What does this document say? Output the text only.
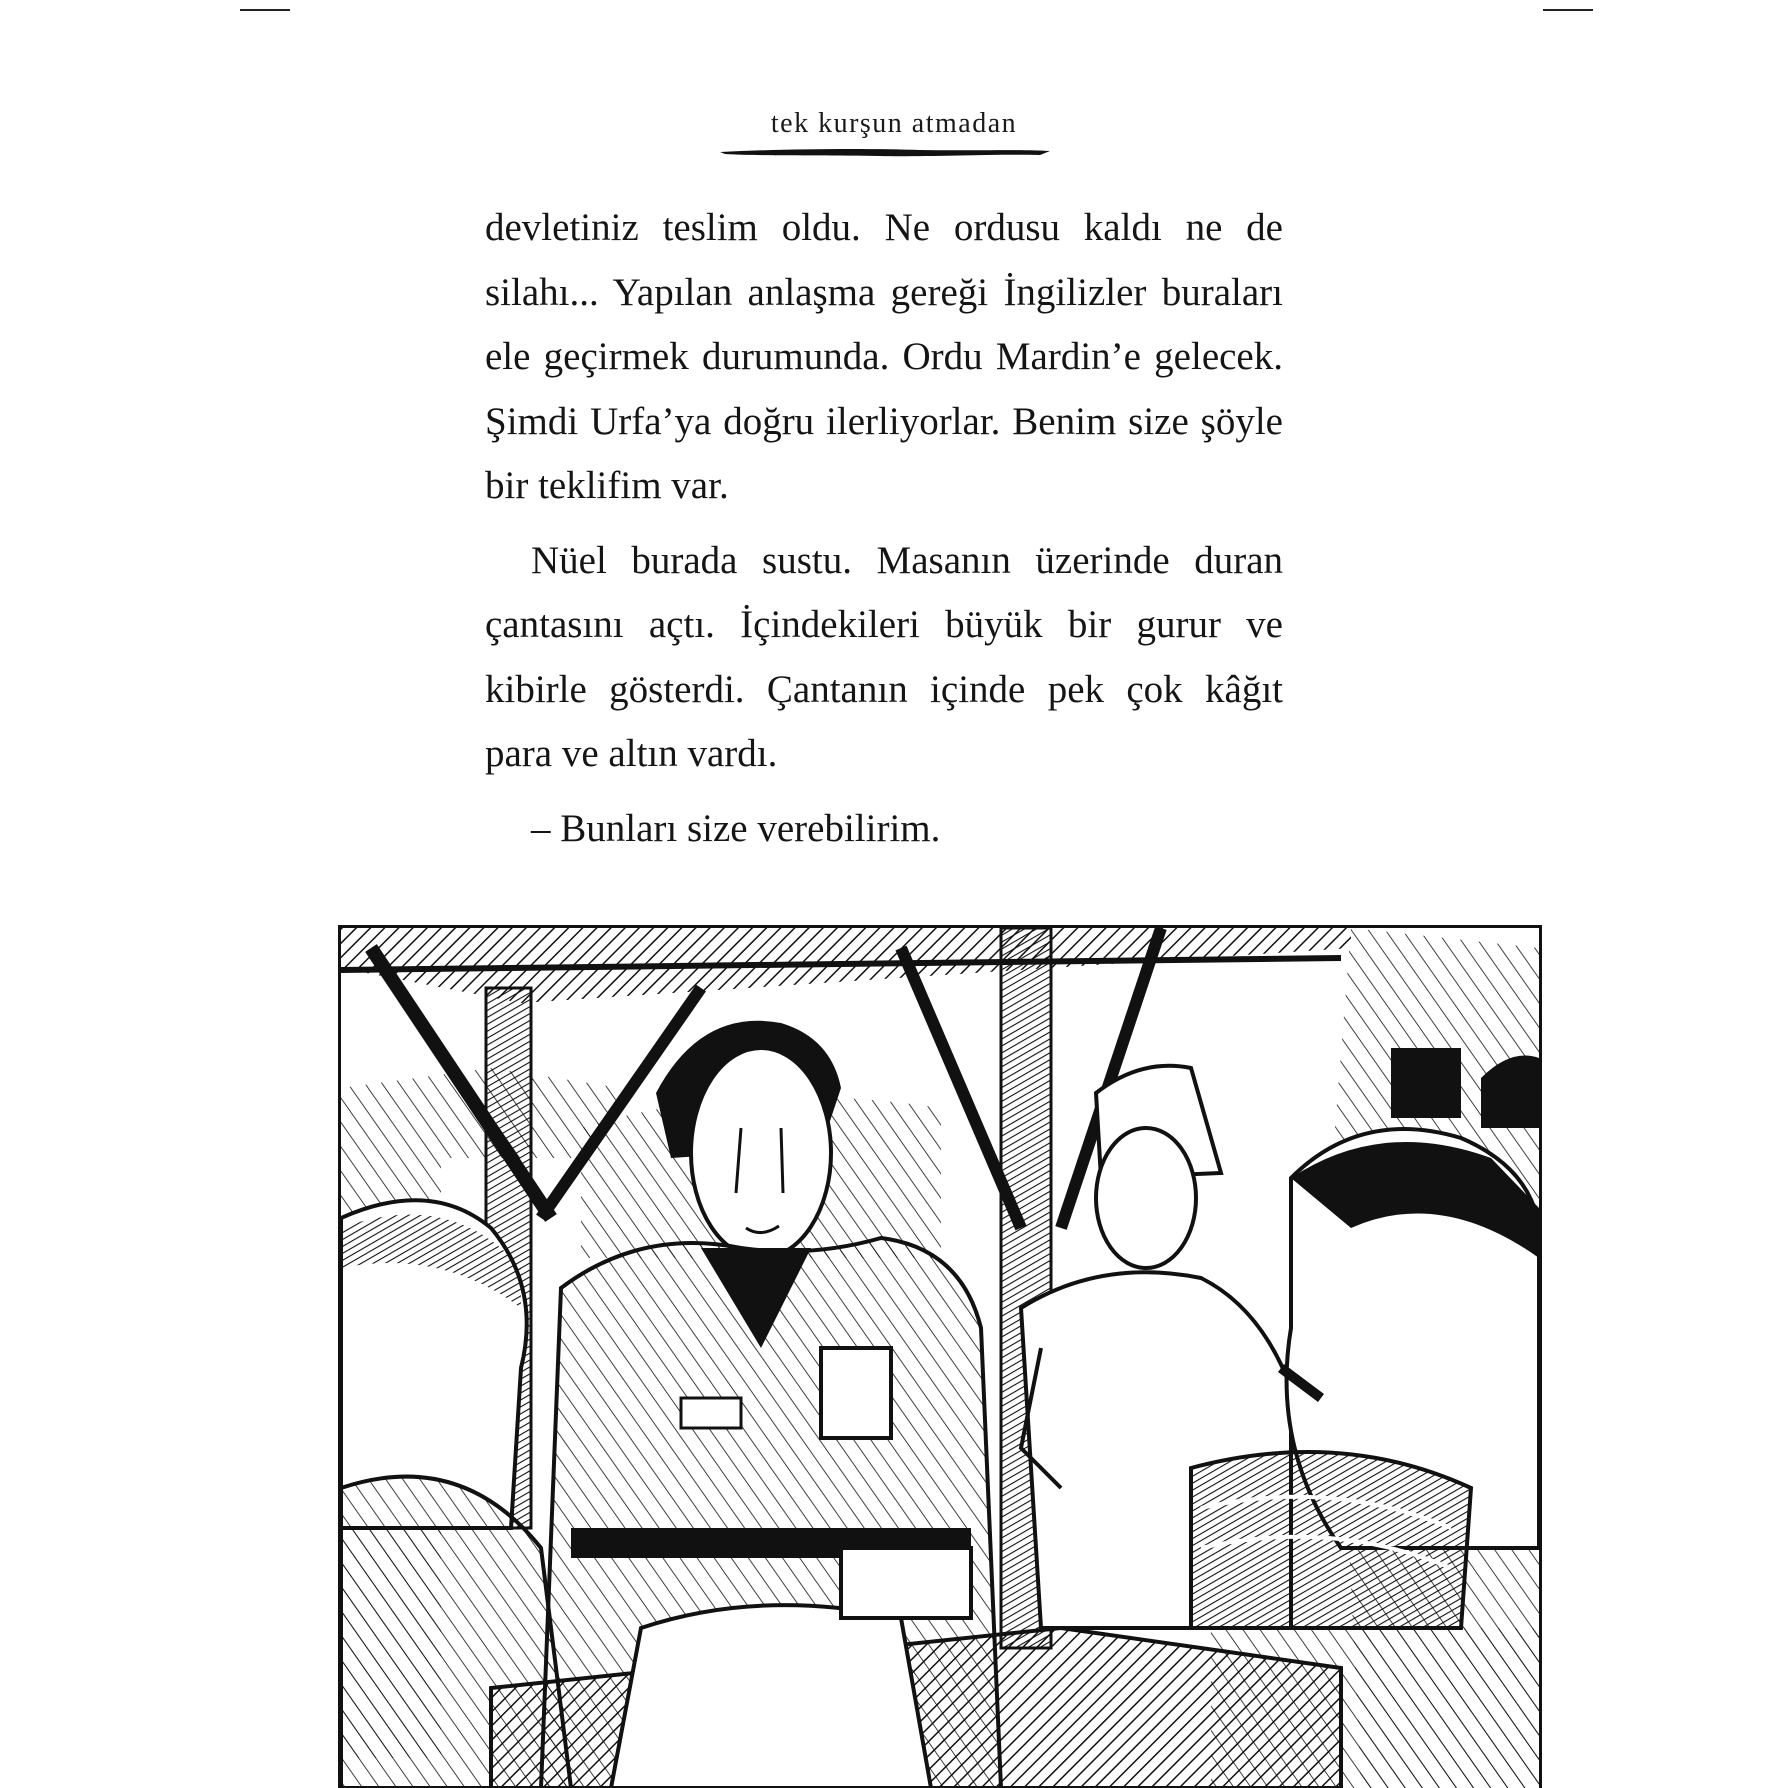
tek kurşun atmadan

devletiniz teslim oldu. Ne ordusu kaldı ne de silahı... Yapılan anlaşma gereği İngilizler buraları ele geçirmek durumunda. Ordu Mardin’e gelecek. Şimdi Urfa’ya doğru ilerliyorlar. Benim size şöyle bir teklifim var.

Nüel burada sustu. Masanın üzerinde duran çantasını açtı. İçindekileri büyük bir gurur ve kibirle gösterdi. Çantanın içinde pek çok kâğıt para ve altın vardı.

– Bunları size verebilirim.
